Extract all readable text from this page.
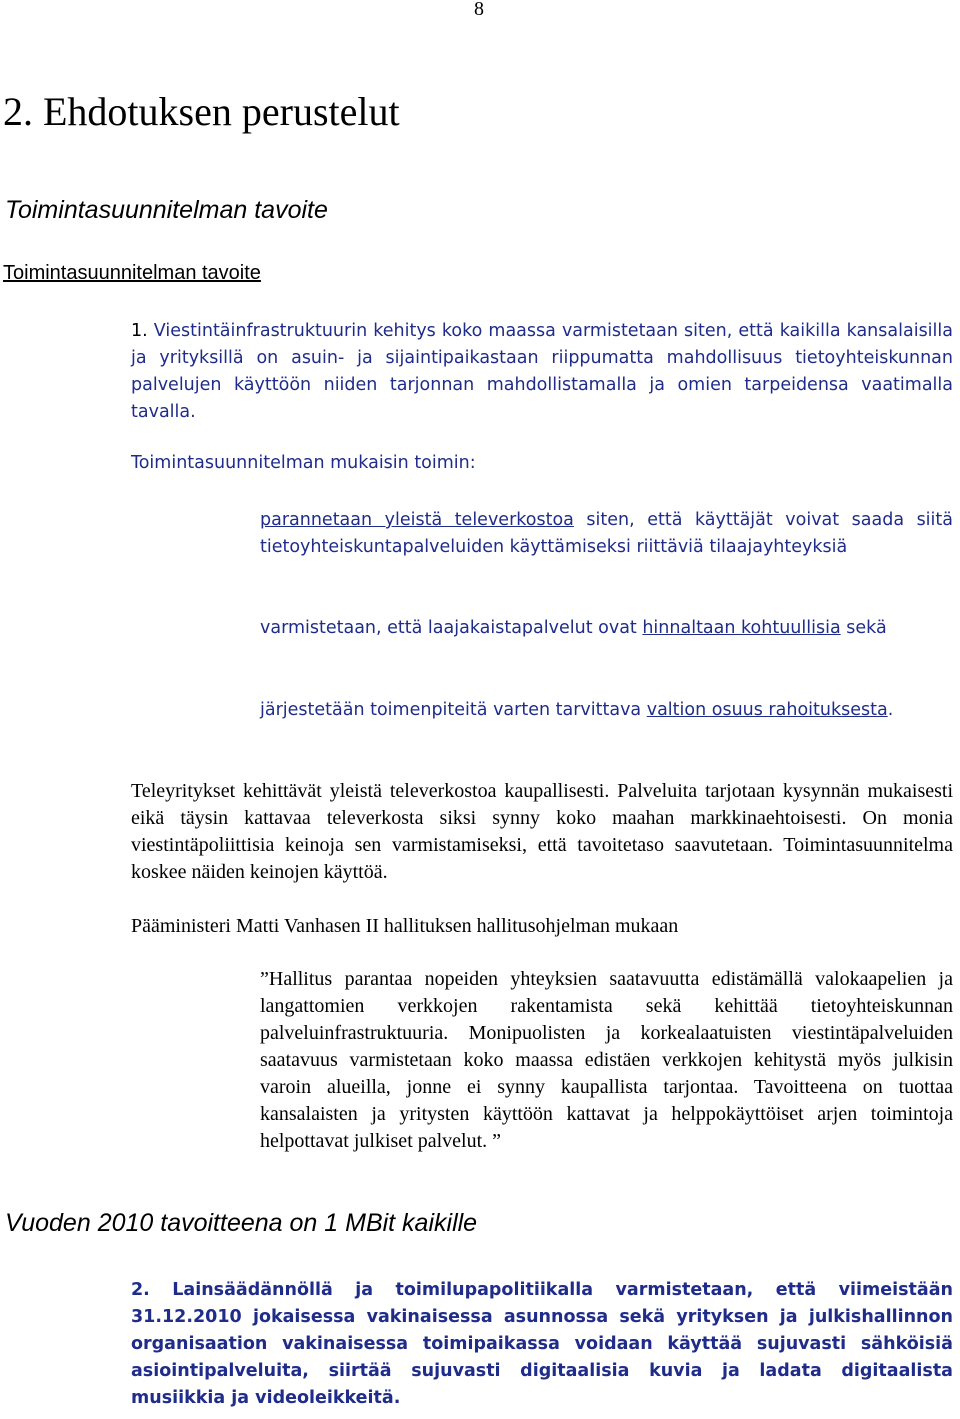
8
2. Ehdotuksen perustelut
Toimintasuunnitelman tavoite
Toimintasuunnitelman tavoite
1. Viestintäinfrastruktuurin kehitys koko maassa varmistetaan siten, että kaikilla kansalaisilla ja yrityksillä on asuin- ja sijaintipaikastaan riippumatta mahdollisuus tietoyhteiskunnan palvelujen käyttöön niiden tarjonnan mahdollistamalla ja omien tarpeidensa vaatimalla tavalla.
Toimintasuunnitelman mukaisin toimin:
parannetaan yleistä televerkostoa siten, että käyttäjät voivat saada siitä tietoyhteiskuntapalveluiden käyttämiseksi riittäviä tilaajayhteyksiä
varmistetaan, että laajakaistapalvelut ovat hinnaltaan kohtuullisia sekä
järjestetään toimenpiteitä varten tarvittava valtion osuus rahoituksesta.
Teleyritykset kehittävät yleistä televerkostoa kaupallisesti. Palveluita tarjotaan kysynnän mukaisesti eikä täysin kattavaa televerkosta siksi synny koko maahan markkinaehtoisesti. On monia viestintäpoliittisia keinoja sen varmistamiseksi, että tavoitetaso saavutetaan. Toimintasuunnitelma koskee näiden keinojen käyttöä.
Pääministeri Matti Vanhasen II hallituksen hallitusohjelman mukaan
”Hallitus parantaa nopeiden yhteyksien saatavuutta edistämällä valokaapelien ja langattomien verkkojen rakentamista sekä kehittää tietoyhteiskunnan palveluinfrastruktuuria. Monipuolisten ja korkealaatuisten viestintäpalveluiden saatavuus varmistetaan koko maassa edistäen verkkojen kehitystä myös julkisin varoin alueilla, jonne ei synny kaupallista tarjontaa. Tavoitteena on tuottaa kansalaisten ja yritysten käyttöön kattavat ja helppokäyttöiset arjen toimintoja helpottavat julkiset palvelut. ”
Vuoden 2010 tavoitteena on 1 MBit kaikille
2. Lainsäädännöllä ja toimilupapolitiikalla varmistetaan, että viimeistään 31.12.2010 jokaisessa vakinaisessa asunnossa sekä yrityksen ja julkishallinnon organisaation vakinaisessa toimipaikassa voidaan käyttää sujuvasti sähköisiä asiointipalveluita, siirtää sujuvasti digitaalisia kuvia ja ladata digitaalista musiikkia ja videoleikkeitä.
